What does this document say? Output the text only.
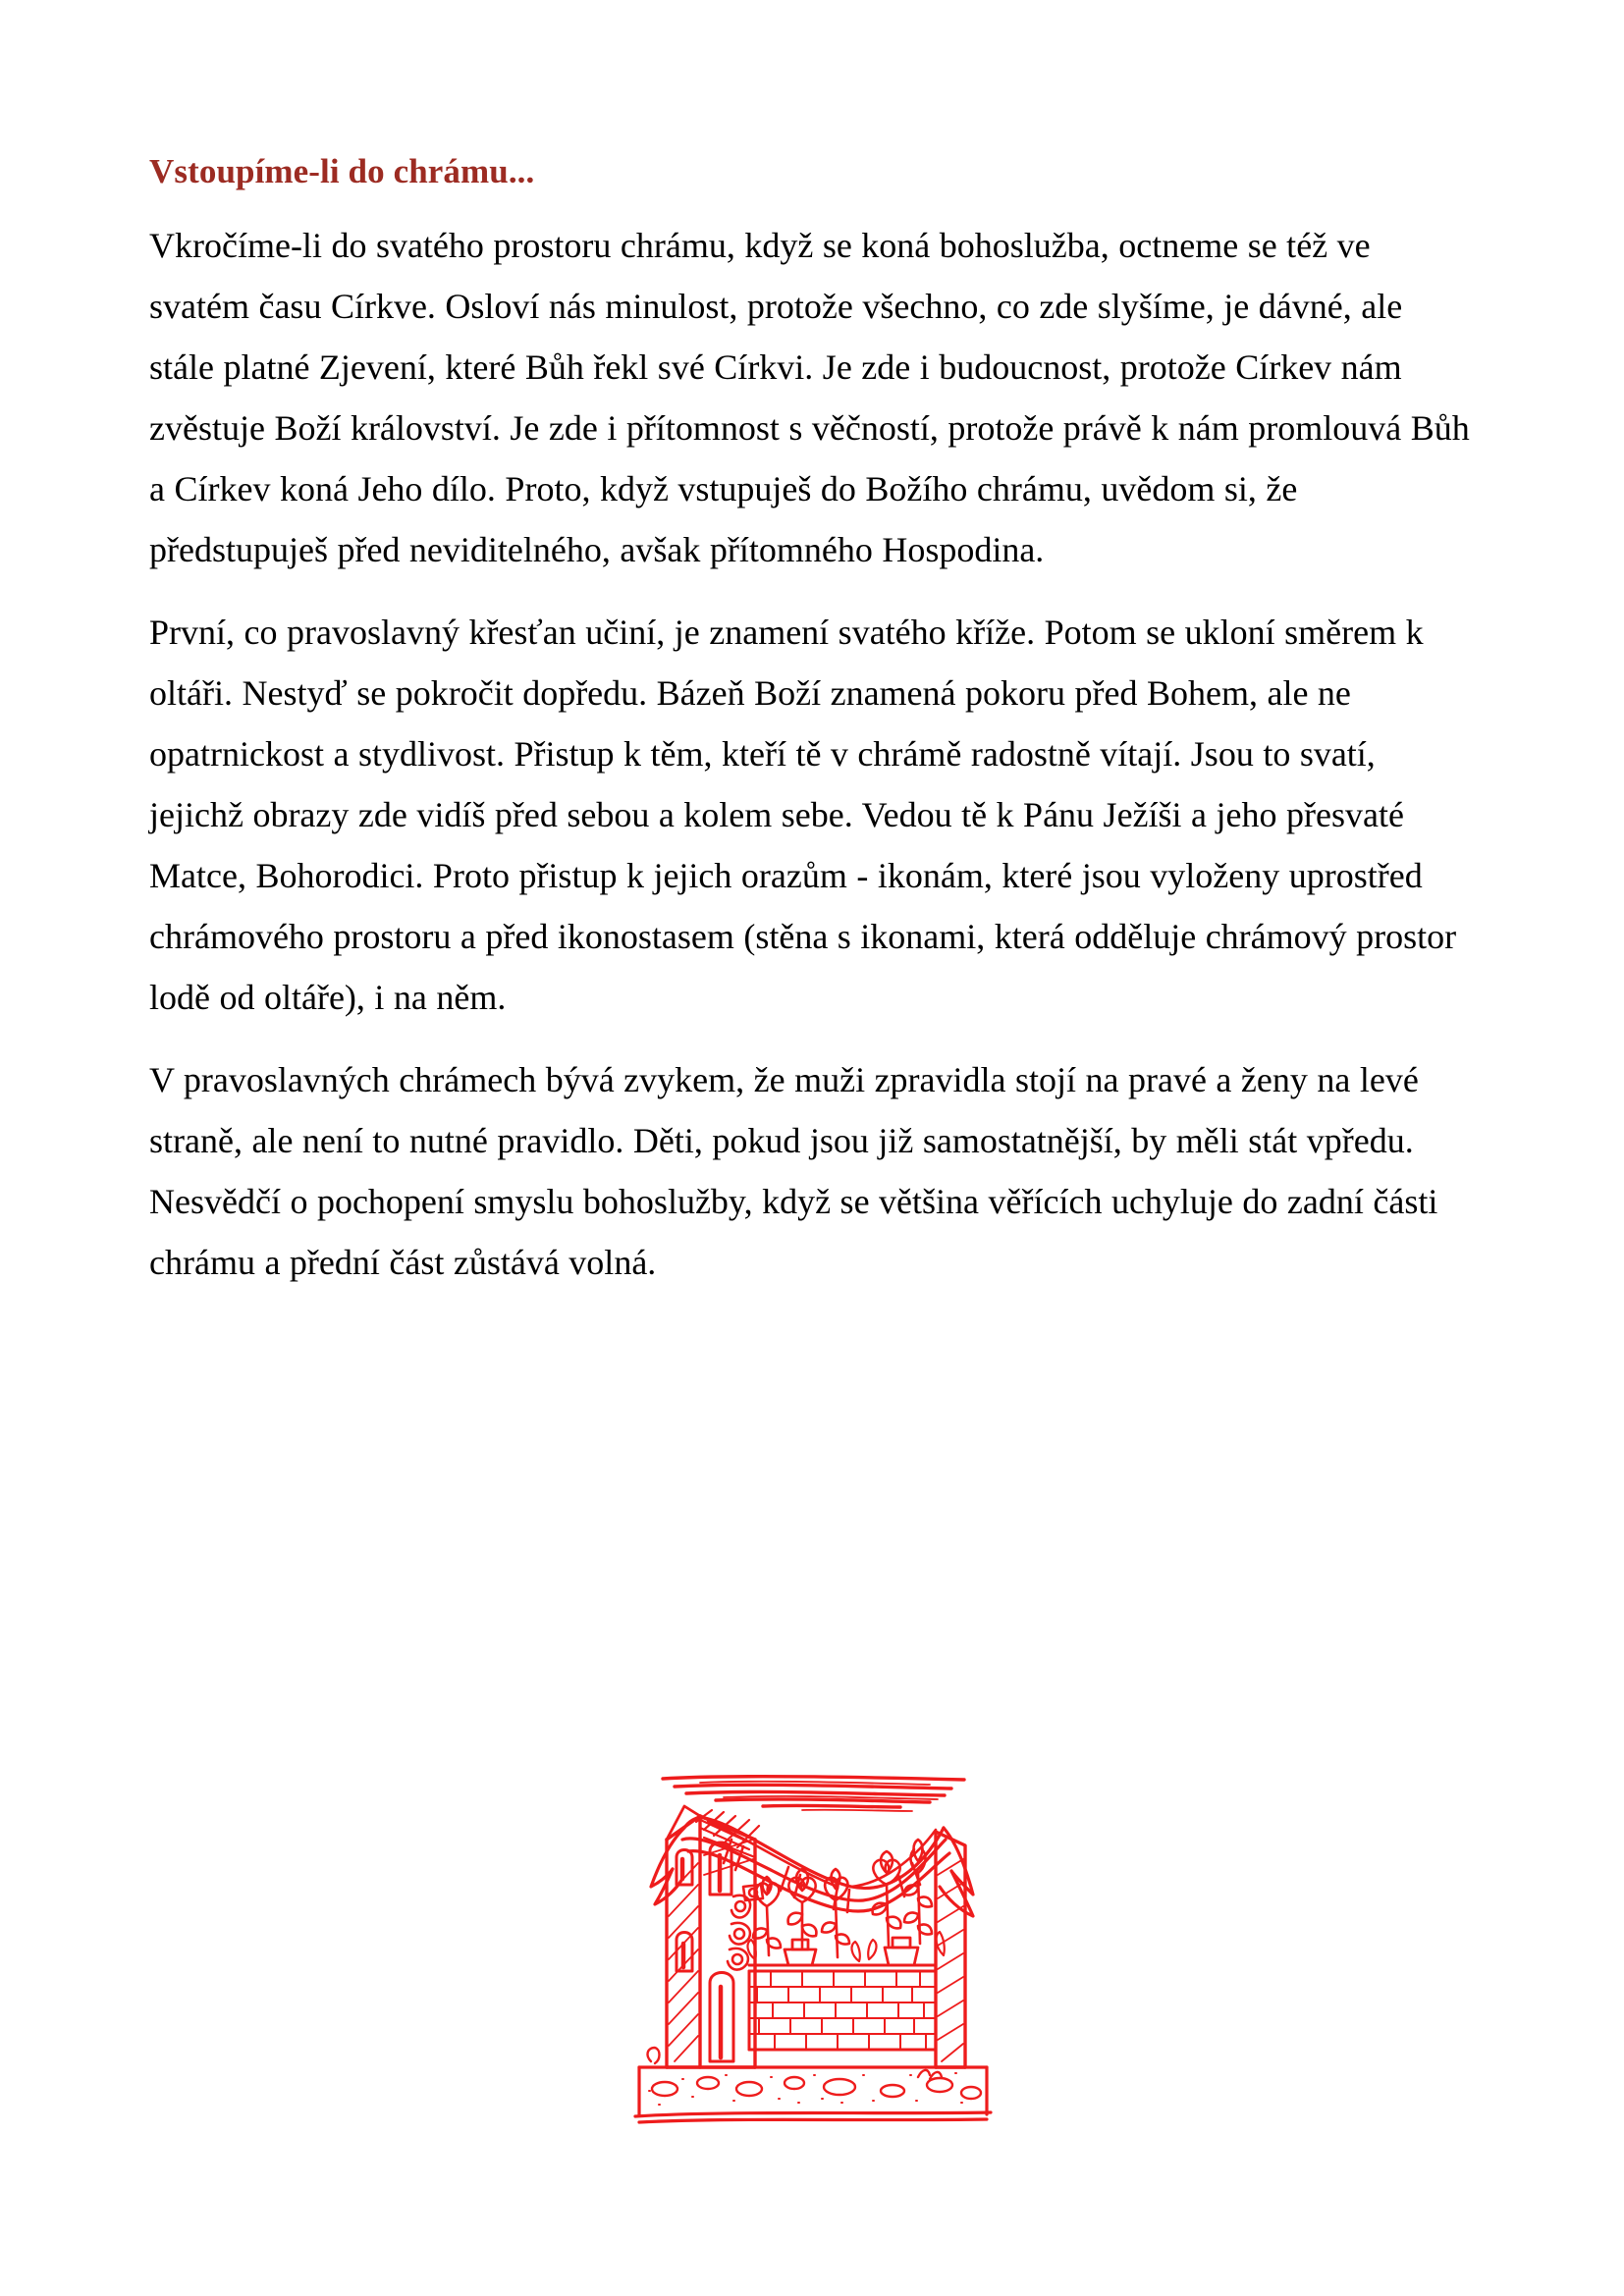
Vstoupíme-li do chrámu...

Vkročíme-li do svatého prostoru chrámu, když se koná bohoslužba, octneme se též ve svatém času Církve. Osloví nás minulost, protože všechno, co zde slyšíme, je dávné, ale stále platné Zjevení, které Bůh řekl své Církvi. Je zde i budoucnost, protože Církev nám zvěstuje Boží království. Je zde i přítomnost s věčností, protože právě k nám promlouvá Bůh a Církev koná Jeho dílo. Proto, když vstupuješ do Božího chrámu, uvědom si, že předstupuješ před neviditelného, avšak přítomného Hospodina.

První, co pravoslavný křesťan učiní, je znamení svatého kříže. Potom se ukloní směrem k oltáři. Nestyď se pokročit dopředu. Bázeň Boží znamená pokoru před Bohem, ale ne opatrnickost a stydlivost. Přistup k těm, kteří tě v chrámě radostně vítají. Jsou to svatí, jejichž obrazy zde vidíš před sebou a kolem sebe. Vedou tě k Pánu Ježíši a jeho přesvaté Matce, Bohorodici. Proto přistup k jejich orazům - ikonám, které jsou vyloženy uprostřed chrámového prostoru a před ikonostasem (stěna s ikonami, která odděluje chrámový prostor lodě od oltáře), i na něm.

V pravoslavných chrámech bývá zvykem, že muži zpravidla stojí na pravé a ženy na levé straně, ale není to nutné pravidlo. Děti, pokud jsou již samostatnější, by měli stát vpředu. Nesvědčí o pochopení smyslu bohoslužby, když se většina věřících uchyluje do zadní části chrámu a přední část zůstává volná.
